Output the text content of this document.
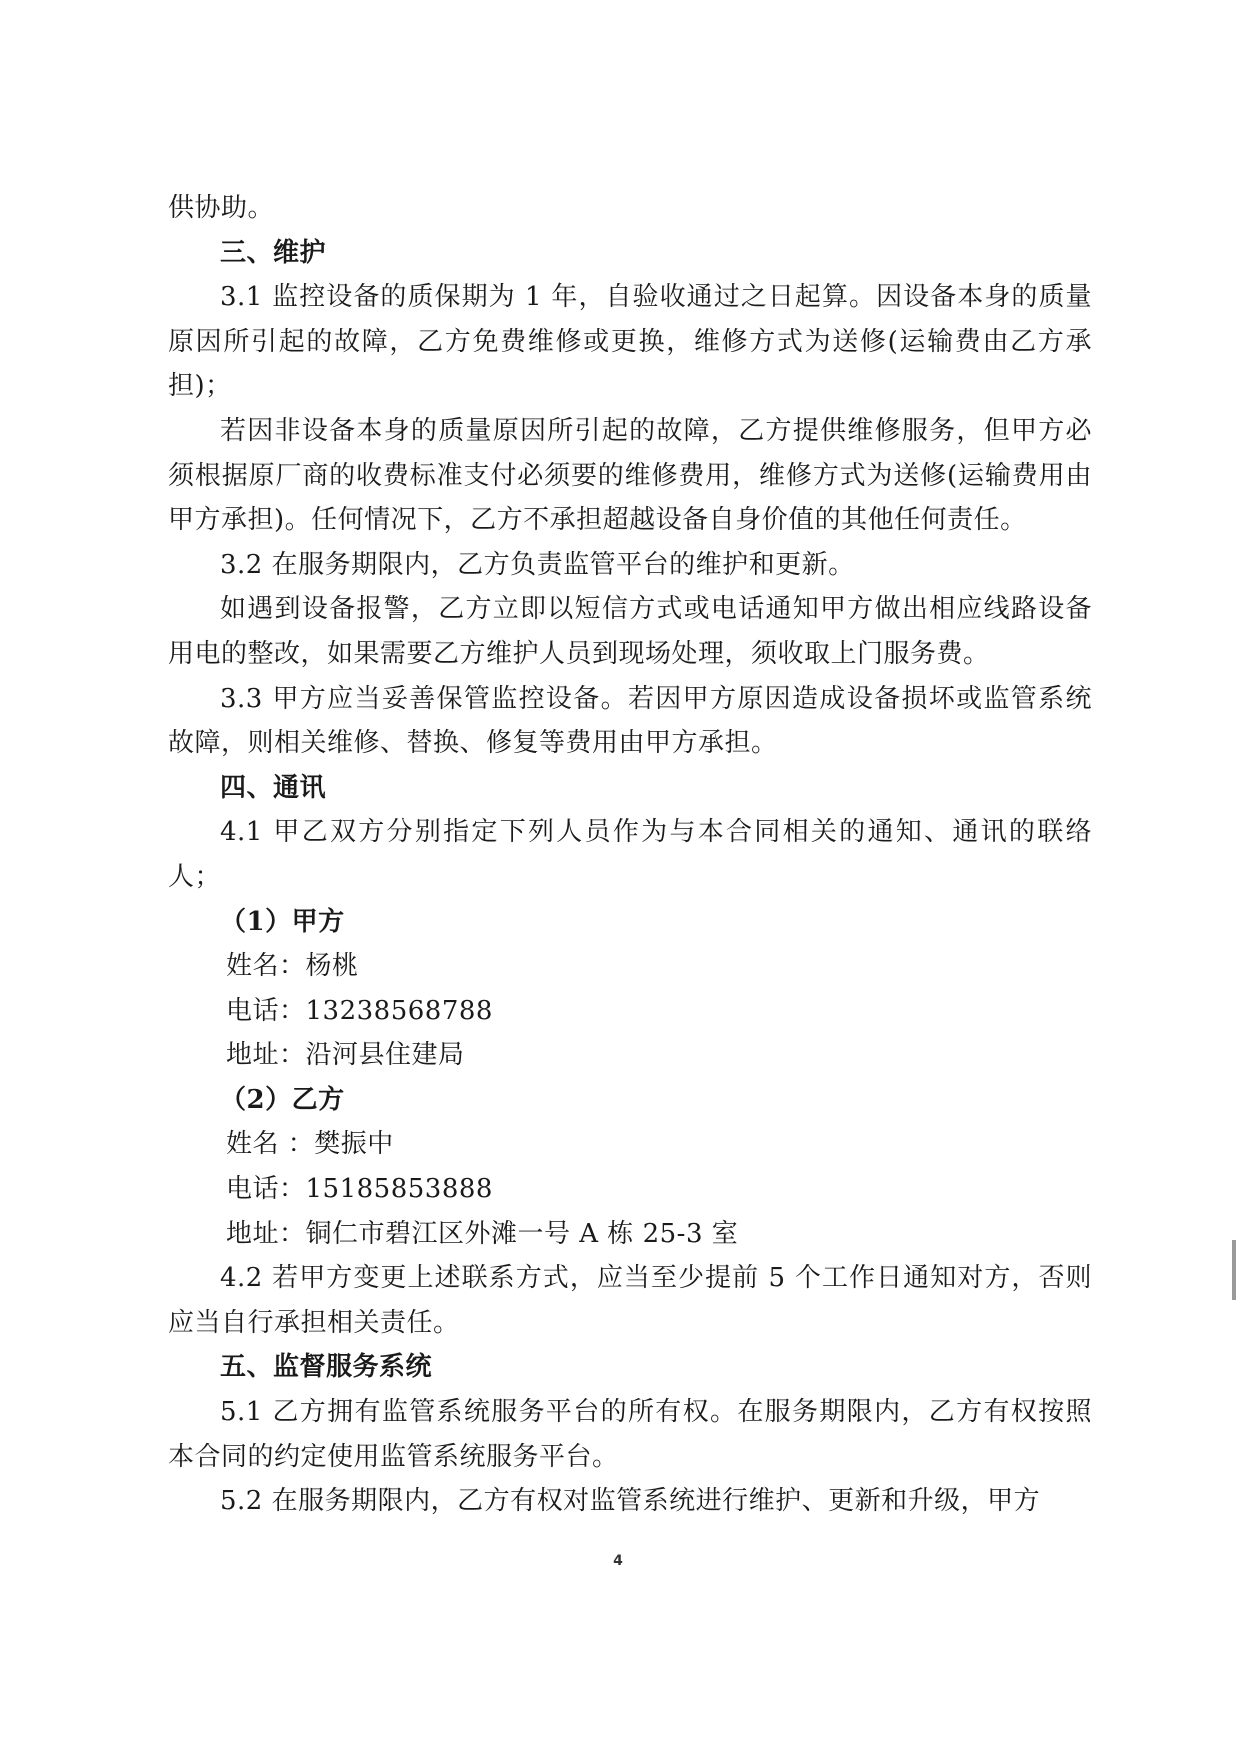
供协助。

三、维护

3.1 监控设备的质保期为 1 年，自验收通过之日起算。因设备本身的质量原因所引起的故障，乙方免费维修或更换，维修方式为送修(运输费由乙方承担)；

若因非设备本身的质量原因所引起的故障，乙方提供维修服务，但甲方必须根据原厂商的收费标准支付必须要的维修费用，维修方式为送修(运输费用由甲方承担)。任何情况下，乙方不承担超越设备自身价值的其他任何责任。

3.2 在服务期限内，乙方负责监管平台的维护和更新。

如遇到设备报警，乙方立即以短信方式或电话通知甲方做出相应线路设备用电的整改，如果需要乙方维护人员到现场处理，须收取上门服务费。

3.3 甲方应当妥善保管监控设备。若因甲方原因造成设备损坏或监管系统故障，则相关维修、替换、修复等费用由甲方承担。

四、通讯

4.1 甲乙双方分别指定下列人员作为与本合同相关的通知、通讯的联络人；

（1）甲方

姓名：杨桃

电话：13238568788

地址：沿河县住建局

（2）乙方

姓名 ：樊振中

电话：15185853888

地址：铜仁市碧江区外滩一号 A 栋 25-3 室

4.2 若甲方变更上述联系方式，应当至少提前 5 个工作日通知对方，否则应当自行承担相关责任。

五、监督服务系统

5.1 乙方拥有监管系统服务平台的所有权。在服务期限内，乙方有权按照本合同的约定使用监管系统服务平台。

5.2 在服务期限内，乙方有权对监管系统进行维护、更新和升级，甲方

4
